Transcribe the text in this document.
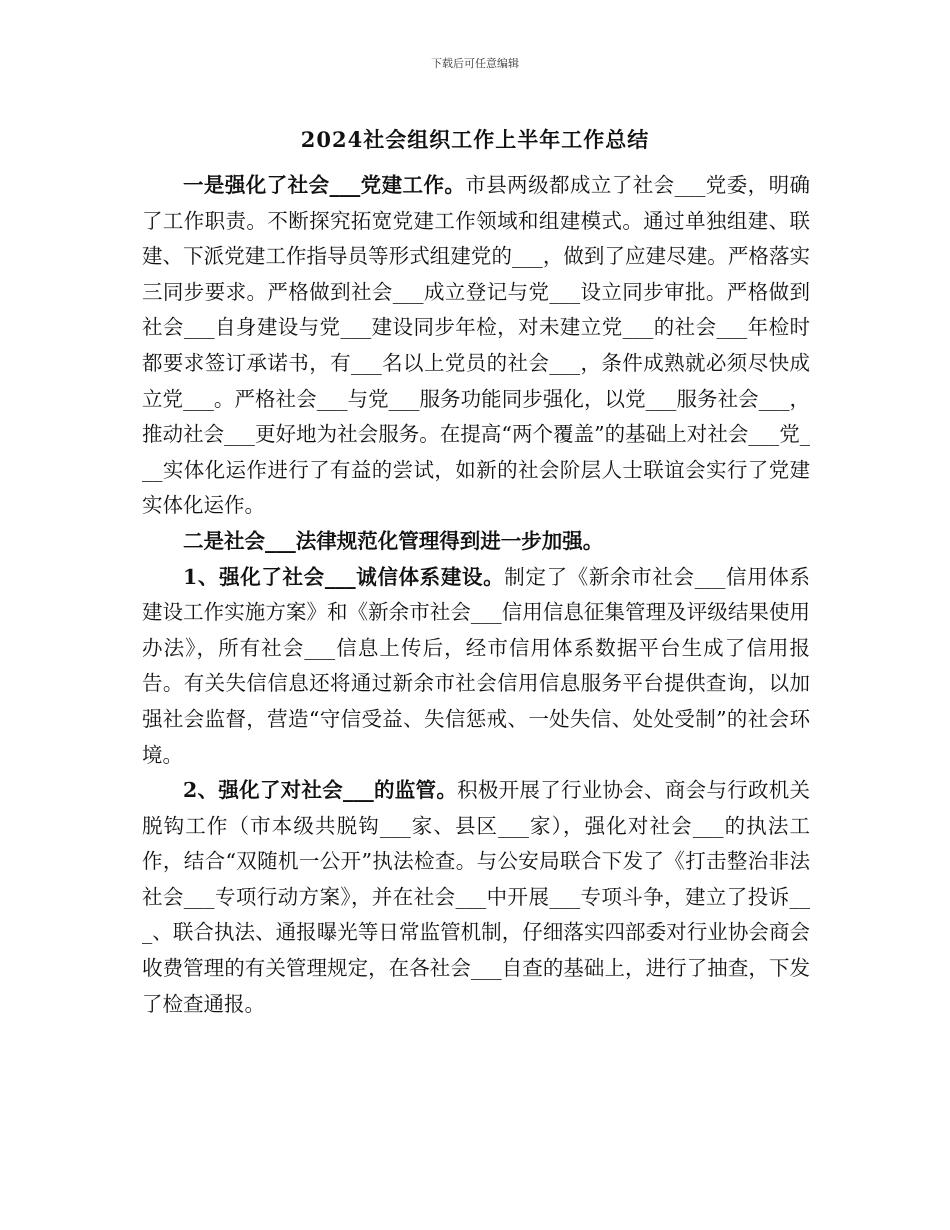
下载后可任意编辑
2024社会组织工作上半年工作总结

一是强化了社会___党建工作。市县两级都成立了社会___党委，明确了工作职责。不断探究拓宽党建工作领域和组建模式。通过单独组建、联建、下派党建工作指导员等形式组建党的___，做到了应建尽建。严格落实三同步要求。严格做到社会___成立登记与党___设立同步审批。严格做到社会___自身建设与党___建设同步年检，对未建立党___的社会___年检时都要求签订承诺书，有___名以上党员的社会___，条件成熟就必须尽快成立党___。严格社会___与党___服务功能同步强化，以党___服务社会___，推动社会___更好地为社会服务。在提高“两个覆盖”的基础上对社会___党___实体化运作进行了有益的尝试，如新的社会阶层人士联谊会实行了党建实体化运作。

二是社会___法律规范化管理得到进一步加强。

1、强化了社会___诚信体系建设。制定了《新余市社会___信用体系建设工作实施方案》和《新余市社会___信用信息征集管理及评级结果使用办法》，所有社会___信息上传后，经市信用体系数据平台生成了信用报告。有关失信信息还将通过新余市社会信用信息服务平台提供查询，以加强社会监督，营造“守信受益、失信惩戒、一处失信、处处受制”的社会环境。

2、强化了对社会___的监管。积极开展了行业协会、商会与行政机关脱钩工作（市本级共脱钩___家、县区___家），强化对社会___的执法工作，结合“双随机一公开”执法检查。与公安局联合下发了《打击整治非法社会___专项行动方案》，并在社会___中开展___专项斗争，建立了投诉___、联合执法、通报曝光等日常监管机制，仔细落实四部委对行业协会商会收费管理的有关管理规定，在各社会___自查的基础上，进行了抽查，下发了检查通报。
